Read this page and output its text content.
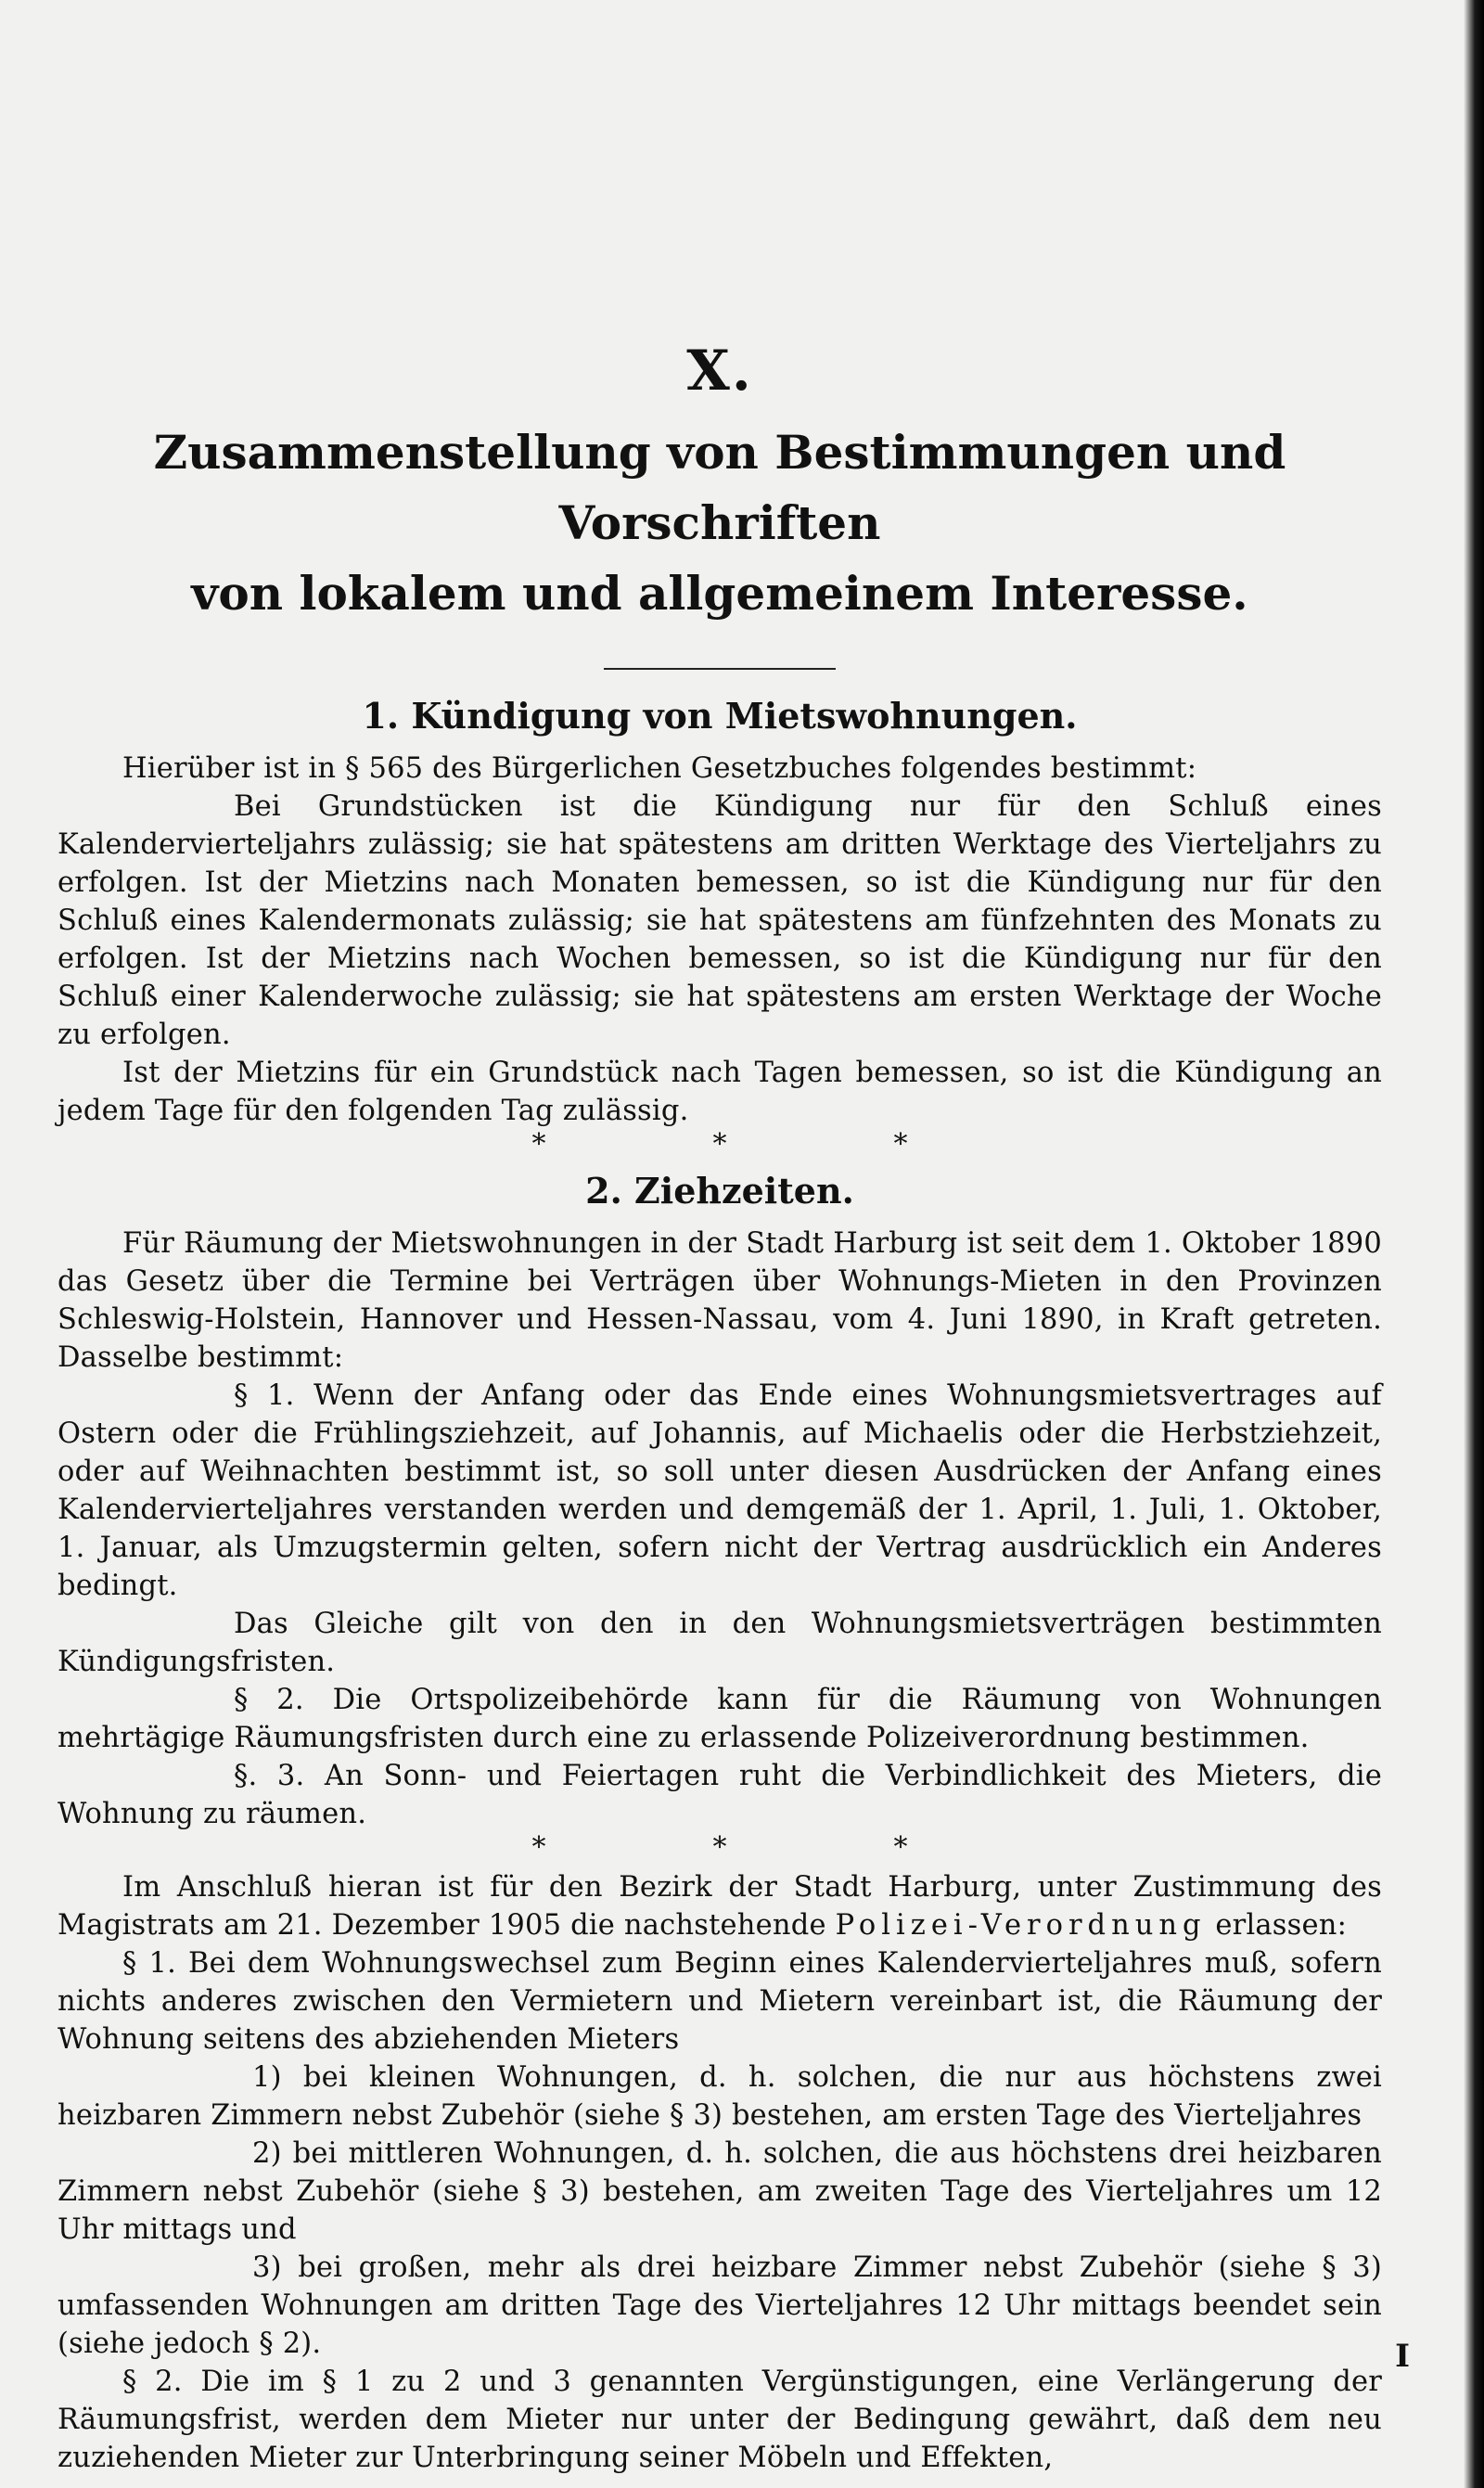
X.
Zusammenstellung von Bestimmungen und Vorschriften
von lokalem und allgemeinem Interesse.
1. Kündigung von Mietswohnungen.

Hierüber ist in § 565 des Bürgerlichen Gesetzbuches folgendes bestimmt:

Bei Grundstücken ist die Kündigung nur für den Schluß eines Kalendervierteljahrs zulässig; sie hat spätestens am dritten Werktage des Vierteljahrs zu erfolgen. Ist der Mietzins nach Monaten bemessen, so ist die Kündigung nur für den Schluß eines Kalendermonats zulässig; sie hat spätestens am fünfzehnten des Monats zu erfolgen. Ist der Mietzins nach Wochen bemessen, so ist die Kündigung nur für den Schluß einer Kalenderwoche zulässig; sie hat spätestens am ersten Werktage der Woche zu erfolgen.

Ist der Mietzins für ein Grundstück nach Tagen bemessen, so ist die Kündigung an jedem Tage für den folgenden Tag zulässig.

*	*	*
2. Ziehzeiten.

Für Räumung der Mietswohnungen in der Stadt Harburg ist seit dem 1. Oktober 1890 das Gesetz über die Termine bei Verträgen über Wohnungs-Mieten in den Provinzen Schleswig-Holstein, Hannover und Hessen-Nassau, vom 4. Juni 1890, in Kraft getreten. Dasselbe bestimmt:

§ 1. Wenn der Anfang oder das Ende eines Wohnungsmietsvertrages auf Ostern oder die Frühlingsziehzeit, auf Johannis, auf Michaelis oder die Herbstziehzeit, oder auf Weihnachten bestimmt ist, so soll unter diesen Ausdrücken der Anfang eines Kalendervierteljahres verstanden werden und demgemäß der 1. April, 1. Juli, 1. Oktober, 1. Januar, als Umzugstermin gelten, sofern nicht der Vertrag ausdrücklich ein Anderes bedingt.

Das Gleiche gilt von den in den Wohnungsmietsverträgen bestimmten Kündigungsfristen.

§ 2. Die Ortspolizeibehörde kann für die Räumung von Wohnungen mehrtägige Räumungsfristen durch eine zu erlassende Polizeiverordnung bestimmen.

§. 3. An Sonn- und Feiertagen ruht die Verbindlichkeit des Mieters, die Wohnung zu räumen.

*	*	*

Im Anschluß hieran ist für den Bezirk der Stadt Harburg, unter Zustimmung des Magistrats am 21. Dezember 1905 die nachstehende Polizei-Verordnung erlassen:

§ 1. Bei dem Wohnungswechsel zum Beginn eines Kalendervierteljahres muß, sofern nichts anderes zwischen den Vermietern und Mietern vereinbart ist, die Räumung der Wohnung seitens des abziehenden Mieters

1) bei kleinen Wohnungen, d. h. solchen, die nur aus höchstens zwei heizbaren Zimmern nebst Zubehör (siehe § 3) bestehen, am ersten Tage des Vierteljahres

2) bei mittleren Wohnungen, d. h. solchen, die aus höchstens drei heizbaren Zimmern nebst Zubehör (siehe § 3) bestehen, am zweiten Tage des Vierteljahres um 12 Uhr mittags und

3) bei großen, mehr als drei heizbare Zimmer nebst Zubehör (siehe § 3) umfassenden Wohnungen am dritten Tage des Vierteljahres 12 Uhr mittags beendet sein (siehe jedoch § 2).

§ 2. Die im § 1 zu 2 und 3 genannten Vergünstigungen, eine Verlängerung der Räumungsfrist, werden dem Mieter nur unter der Bedingung gewährt, daß dem neu zuziehenden Mieter zur Unterbringung seiner Möbeln und Effekten,

I
